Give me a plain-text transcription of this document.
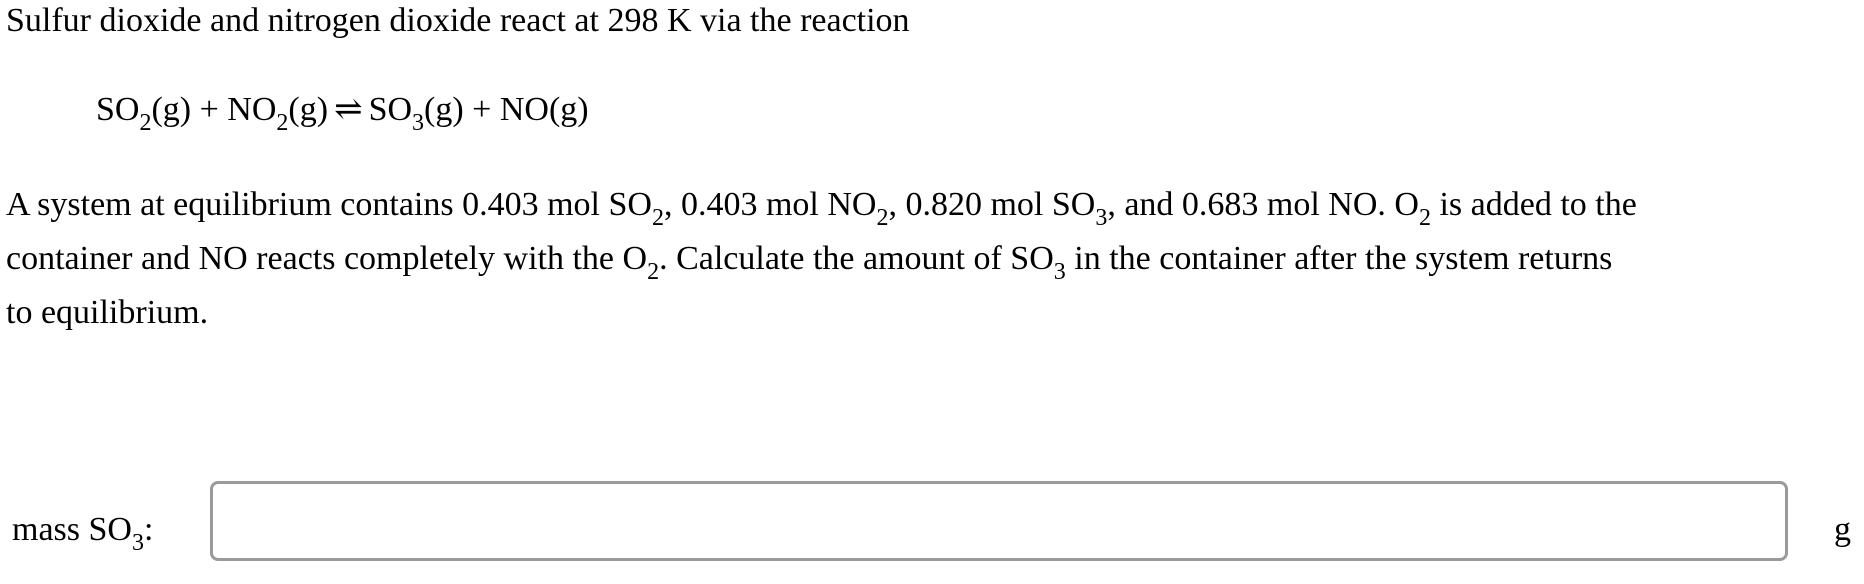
Sulfur dioxide and nitrogen dioxide react at 298 K via the reaction
$SO_2(g) + NO_2(g)$ ⇌ $SO_3(g) + NO(g)$
A system at equilibrium contains 0.403 mol $SO_2$, 0.403 mol $NO_2$, 0.820 mol $SO_3$, and 0.683 mol NO. $O_2$ is added to the
container and NO reacts completely with the $O_2$. Calculate the amount of $SO_3$ in the container after the system returns
to equilibrium.
mass $SO_3$:	g
